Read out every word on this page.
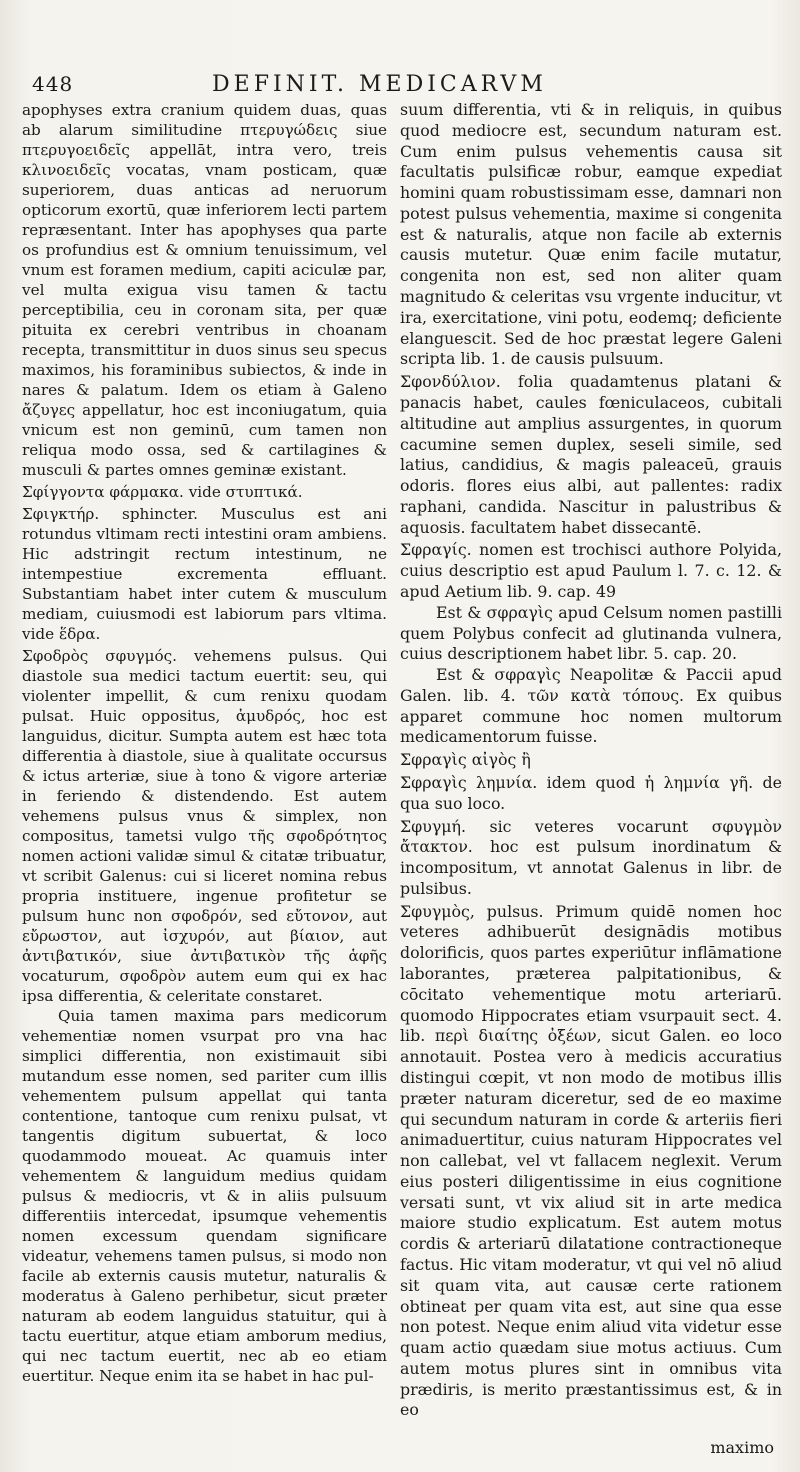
448	DEFINIT. MEDICARVM

apophyses extra cranium quidem duas, quas ab alarum similitudine πτερυγώδεις siue πτερυγοειδεῖς appellāt, intra vero, treis κλινοειδεῖς vocatas, vnam posticam, quæ superiorem, duas anticas ad neruorum opticorum exortū, quæ inferiorem lecti partem repræsentant. Inter has apophyses qua parte os profundius est & omnium tenuissimum, vel vnum est foramen medium, capiti aciculæ par, vel multa exigua visu tamen & tactu perceptibilia, ceu in coronam sita, per quæ pituita ex cerebri ventribus in choanam recepta, transmittitur in duos sinus seu specus maximos, his foraminibus subiectos, & inde in nares & palatum. Idem os etiam à Galeno ἄζυγες appellatur, hoc est inconiugatum, quia vnicum est non geminū, cum tamen non reliqua modo ossa, sed & cartilagines & musculi & partes omnes geminæ existant.

Σφίγγοντα φάρμακα. vide στυπτικά.

Σφιγκτήρ. sphincter. Musculus est ani rotundus vltimam recti intestini oram ambiens. Hic adstringit rectum intestinum, ne intempestiue excrementa effluant. Substantiam habet inter cutem & musculum mediam, cuiusmodi est labiorum pars vltima. vide ἕδρα.

Σφοδρὸς σφυγμός. vehemens pulsus. Qui diastole sua medici tactum euertit: seu, qui violenter impellit, & cum renixu quodam pulsat. Huic oppositus, ἀμυδρός, hoc est languidus, dicitur. Sumpta autem est hæc tota differentia à diastole, siue à qualitate occursus & ictus arteriæ, siue à tono & vigore arteriæ in feriendo & distendendo. Est autem vehemens pulsus vnus & simplex, non compositus, tametsi vulgo τῆς σφοδρότητος nomen actioni validæ simul & citatæ tribuatur, vt scribit Galenus: cui si liceret nomina rebus propria instituere, ingenue profitetur se pulsum hunc non σφοδρόν, sed εὔτονον, aut εὔρωστον, aut ἰσχυρόν, aut βίαιον, aut ἀντιβατικόν, siue ἀντιβατικὸν τῆς ἁφῆς vocaturum, σφοδρὸν autem eum qui ex hac ipsa differentia, & celeritate constaret.

Quia tamen maxima pars medicorum vehementiæ nomen vsurpat pro vna hac simplici differentia, non existimauit sibi mutandum esse nomen, sed pariter cum illis vehementem pulsum appellat qui tanta contentione, tantoque cum renixu pulsat, vt tangentis digitum subuertat, & loco quodammodo moueat. Ac quamuis inter vehementem & languidum medius quidam pulsus & mediocris, vt & in aliis pulsuum differentiis intercedat, ipsumque vehementis nomen excessum quendam significare videatur, vehemens tamen pulsus, si modo non facile ab externis causis mutetur, naturalis & moderatus à Galeno perhibetur, sicut præter naturam ab eodem languidus statuitur, qui à tactu euertitur, atque etiam amborum medius, qui nec tactum euertit, nec ab eo etiam euertitur. Neque enim ita se habet in hac pul-

suum differentia, vti & in reliquis, in quibus quod mediocre est, secundum naturam est. Cum enim pulsus vehementis causa sit facultatis pulsificæ robur, eamque expediat homini quam robustissimam esse, damnari non potest pulsus vehementia, maxime si congenita est & naturalis, atque non facile ab externis causis mutetur. Quæ enim facile mutatur, congenita non est, sed non aliter quam magnitudo & celeritas vsu vrgente inducitur, vt ira, exercitatione, vini potu, eodemq; deficiente elanguescit. Sed de hoc præstat legere Galeni scripta lib. 1. de causis pulsuum.

Σφονδύλιον. folia quadamtenus platani & panacis habet, caules fœniculaceos, cubitali altitudine aut amplius assurgentes, in quorum cacumine semen duplex, seseli simile, sed latius, candidius, & magis paleaceū, grauis odoris. flores eius albi, aut pallentes: radix raphani, candida. Nascitur in palustribus & aquosis. facultatem habet dissecantē.

Σφραγίς. nomen est trochisci authore Polyida, cuius descriptio est apud Paulum l. 7. c. 12. & apud Aetium lib. 9. cap. 49

Est & σφραγὶς apud Celsum nomen pastilli quem Polybus confecit ad glutinanda vulnera, cuius descriptionem habet libr. 5. cap. 20.

Est & σφραγὶς Neapolitæ & Paccii apud Galen. lib. 4. τῶν κατὰ τόπους. Ex quibus apparet commune hoc nomen multorum medicamentorum fuisse.

Σφραγὶς αἰγὸς ἢ

Σφραγὶς λημνία. idem quod ἡ λημνία γῆ. de qua suo loco.

Σφυγμή. sic veteres vocarunt σφυγμὸν ἄτακτον. hoc est pulsum inordinatum & incompositum, vt annotat Galenus in libr. de pulsibus.

Σφυγμὸς, pulsus. Primum quidē nomen hoc veteres adhibuerūt designādis motibus dolorificis, quos partes experiūtur inflāmatione laborantes, præterea palpitationibus, & cōcitato vehementique motu arteriarū. quomodo Hippocrates etiam vsurpauit sect. 4. lib. περὶ διαίτης ὀξέων, sicut Galen. eo loco annotauit. Postea vero à medicis accuratius distingui cœpit, vt non modo de motibus illis præter naturam diceretur, sed de eo maxime qui secundum naturam in corde & arteriis fieri animaduertitur, cuius naturam Hippocrates vel non callebat, vel vt fallacem neglexit. Verum eius posteri diligentissime in eius cognitione versati sunt, vt vix aliud sit in arte medica maiore studio explicatum. Est autem motus cordis & arteriarū dilatatione contractioneque factus. Hic vitam moderatur, vt qui vel nō aliud sit quam vita, aut causæ certe rationem obtineat per quam vita est, aut sine qua esse non potest. Neque enim aliud vita videtur esse quam actio quædam siue motus actiuus. Cum autem motus plures sint in omnibus vita prædiris, is merito præstantissimus est, & in eo

maximo
